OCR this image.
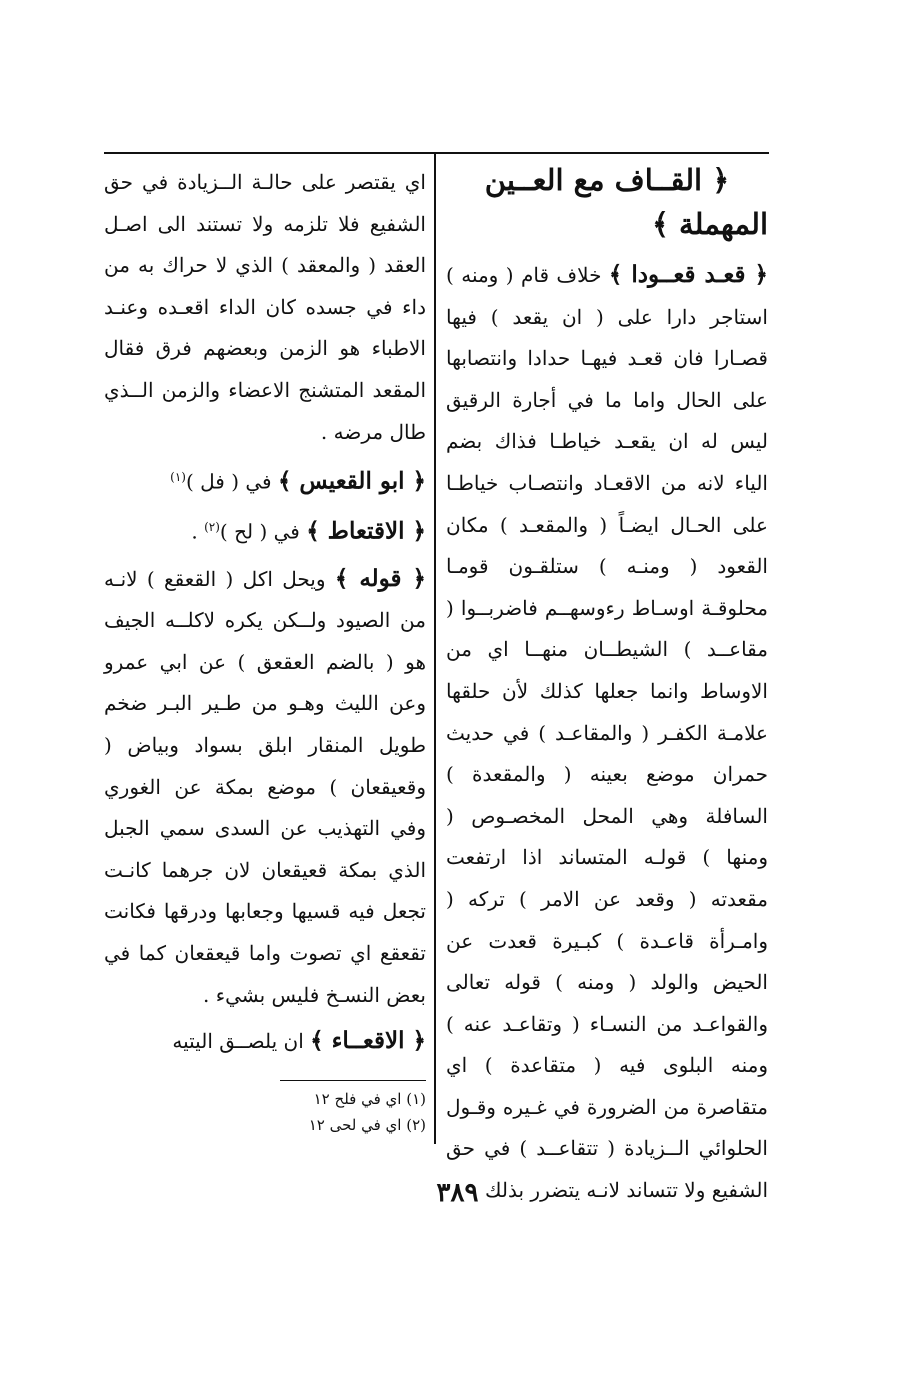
﴿ القــاف مع العــين المهملة ﴾

﴿ قعـد قعــودا ﴾ خلاف قام ( ومنه ) استاجر دارا على ( ان يقعد ) فيها قصـارا فان قعـد فيهـا حدادا وانتصابها على الحال واما ما في أجارة الرقيق ليس له ان يقعـد خياطـا فذاك بضم الياء لانه من الاقعـاد وانتصـاب خياطـا على الحـال ايضـاً ( والمقعـد ) مكان القعود ( ومنـه ) ستلقـون قومـا محلوقـة اوسـاط رءوسهــم فاضربــوا ( مقاعــد ) الشيطــان منهــا اي من الاوساط وانما جعلها كذلك لأن حلقها علامـة الكفـر ( والمقاعـد ) في حديث حمران موضع بعينه ( والمقعدة ) السافلة وهي المحل المخصـوص ( ومنها ) قولـه المتساند اذا ارتفعت مقعدته ( وقعد عن الامر ) تركه ( وامـرأة قاعـدة ) كبـيرة قعدت عن الحيض والولد ( ومنه ) قوله تعالى والقواعـد من النسـاء ( وتقاعـد عنه ) ومنه البلوى فيه ( متقاعدة ) اي متقاصرة من الضرورة في غـيره وقـول الحلوائي الــزيادة ( تتقاعــد ) في حق الشفيع ولا تتساند لانـه يتضرر بذلك

اي يقتصر على حالـة الــزيادة في حق الشفيع فلا تلزمه ولا تستند الى اصـل العقد ( والمعقد ) الذي لا حراك به من داء في جسده كان الداء اقعـده وعنـد الاطباء هو الزمن وبعضهم فرق فقال المقعد المتشنج الاعضاء والزمن الــذي طال مرضه .

﴿ ابو القعيس ﴾ في ( فل )$^{(١)}$

﴿ الاقتعاط ﴾ في ( لح )$^{(٢)}$ .

﴿ قوله ﴾ ويحل اكل ( القعقع ) لانـه من الصيود ولــكن يكره لاكلــه الجيف هو ( بالضم العقعق ) عن ابي عمرو وعن الليث وهـو من طـير البـر ضخم طويل المنقار ابلق بسواد وبياض ( وقعيقعان ) موضع بمكة عن الغوري وفي التهذيب عن السدى سمي الجبل الذي بمكة قعيقعان لان جرهما كانـت تجعل فيه قسيها وجعابها ودرقها فكانت تقعقع اي تصوت واما قيعقعان كما في بعض النسـخ فليس بشيء .

﴿ الاقعــاء ﴾ ان يلصــق اليتيه

(١) اي في فلح ١٢

(٢) اي في لحى ١٢

٣٨٩
